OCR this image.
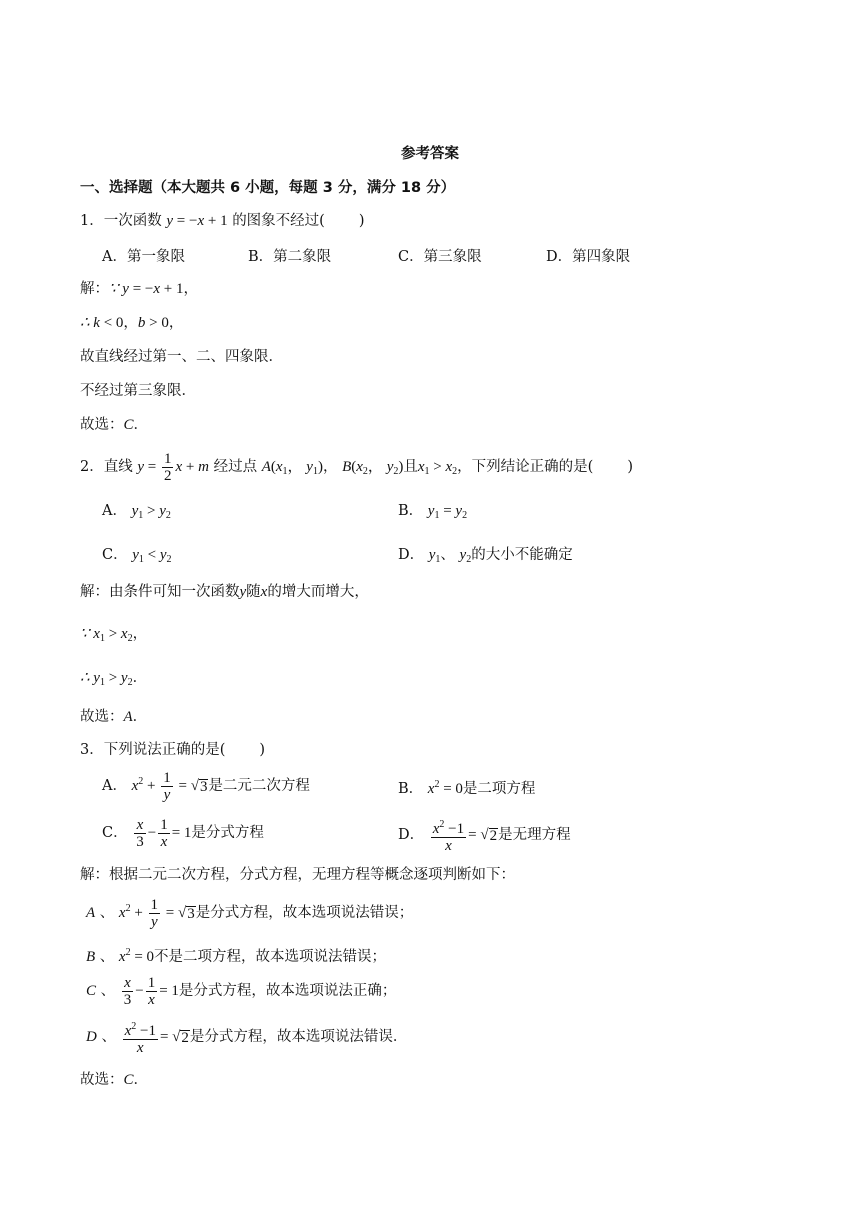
参考答案
一、选择题（本大题共 6 小题，每题 3 分，满分 18 分）
1．一次函数 y = −x + 1 的图象不经过( )
A．第一象限	B．第二象限	C．第三象限	D．第四象限
解：∵ y = −x + 1，
∴ k < 0，b > 0，
故直线经过第一、二、四象限．
不经过第三象限．
故选：C．
2．直线 $y = \frac{1}{2}$ x + m 经过点 $A(x_1$， $y_1$)， $B(x_2$， $y_2$)且$x_1 > x_2$，下列结论正确的是( )
A． $y_1 > y_2$	B． $y_1 = y_2$
C． $y_1 < y_2$	D． $y_1$、 $y_2$的大小不能确定
解：由条件可知一次函数y随x的增大而增大，
∵ $x_1 > x_2$，
∴ $y_1 > y_2$．
故选：A．
3．下列说法正确的是( )
A． $x^2 + \frac{1}{y}$ = √ 3 是二元二次方程	B． $x^2 = 0$是二项方程
C． $\frac{x}{3} - \frac{1}{x} = 1$是分式方程	D． $\frac{x^2 -1}{x}$ = √ 2 是无理方程
解：根据二元二次方程，分式方程，无理方程等概念逐项判断如下：
A 、 $x^2 + \frac{1}{y}$ = √ 3 是分式方程，故本选项说法错误；
B 、 $x^2 = 0$不是二项方程，故本选项说法错误；
C 、 $\frac{x}{3} - \frac{1}{x} = 1$是分式方程，故本选项说法正确；
D 、 $\frac{x^2 -1}{x}$ = √ 2 是分式方程，故本选项说法错误．
故选：C．
